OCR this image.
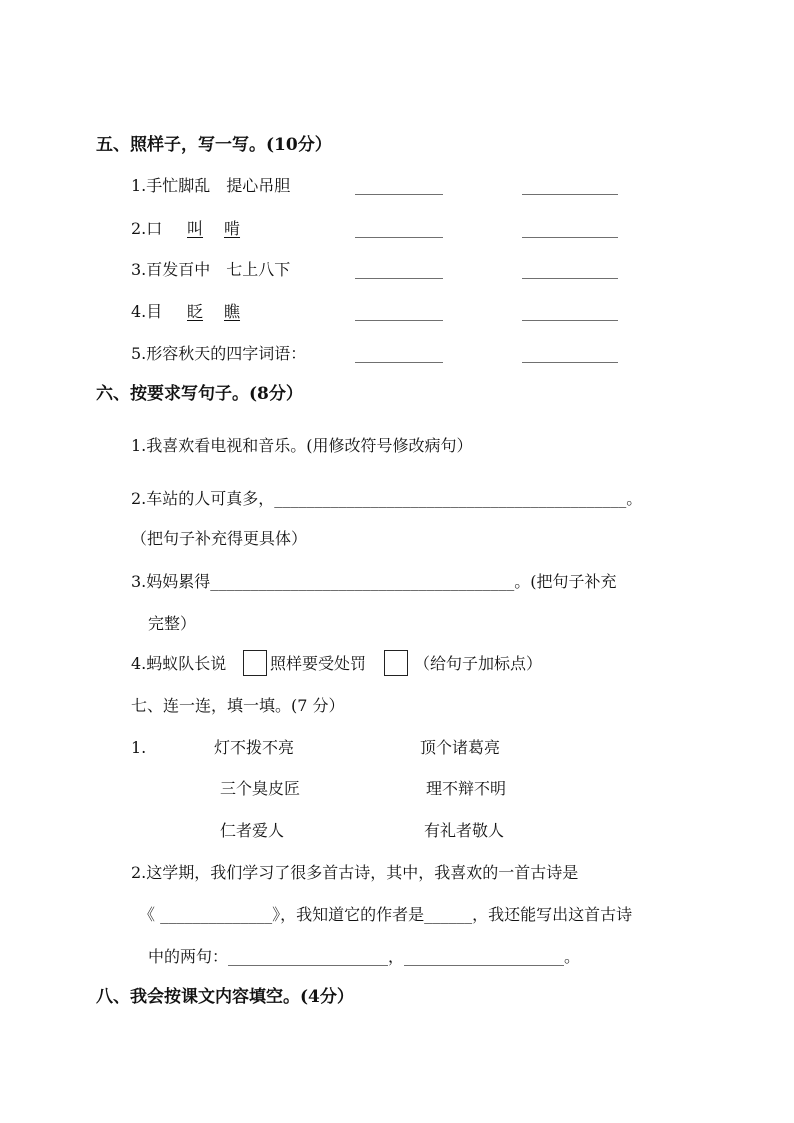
五、照样子，写一写。(10分）
1.手忙脚乱　提心吊胆	___________	____________
2.口 叫 啃	___________	____________
3.百发百中　七上八下	___________	____________
4.目 眨 瞧	___________	____________
5.形容秋天的四字词语：	___________	____________
六、按要求写句子。(8分）
1.我喜欢看电视和音乐。(用修改符号修改病句）
2.车站的人可真多，____________________________________________。
（把句子补充得更具体）
3.妈妈累得______________________________________。(把句子补充
完整）
4.蚂蚁队长说	照样要受处罚	（给句子加标点）
七、连一连，填一填。(7 分）
1.	灯不拨不亮	顶个诸葛亮
三个臭皮匠	理不辩不明
仁者爱人	有礼者敬人
2.这学期，我们学习了很多首古诗，其中，我喜欢的一首古诗是
《 ______________》，我知道它的作者是______，我还能写出这首古诗
中的两句：____________________，____________________。
八、我会按课文内容填空。(4分）
